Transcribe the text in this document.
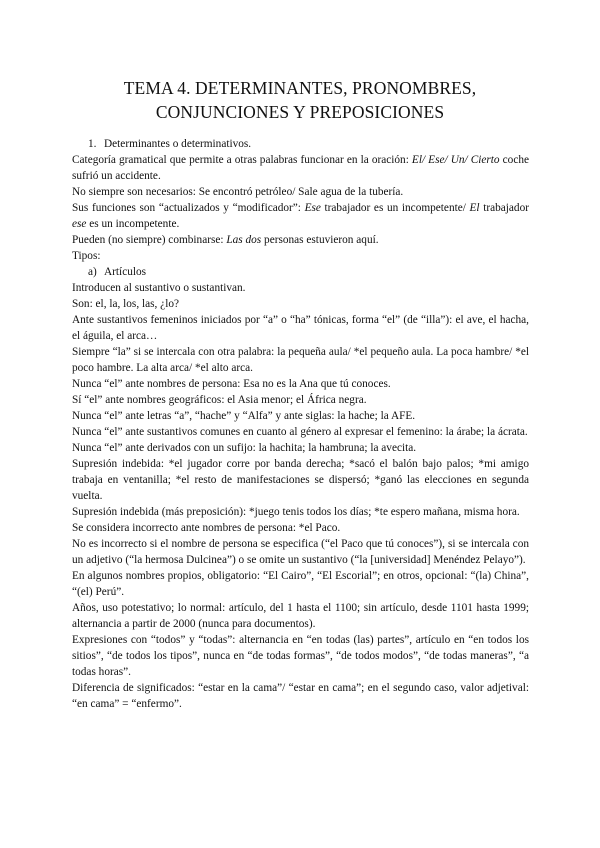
TEMA 4. DETERMINANTES, PRONOMBRES,
CONJUNCIONES Y PREPOSICIONES

1. Determinantes o determinativos.

Categoría gramatical que permite a otras palabras funcionar en la oración: El/ Ese/ Un/ Cierto coche sufrió un accidente.

No siempre son necesarios: Se encontró petróleo/ Sale agua de la tubería.

Sus funciones son “actualizados y “modificador”: Ese trabajador es un incompetente/ El trabajador ese es un incompetente.

Pueden (no siempre) combinarse: Las dos personas estuvieron aquí.

Tipos:

a) Artículos

Introducen al sustantivo o sustantivan.

Son: el, la, los, las, ¿lo?

Ante sustantivos femeninos iniciados por “a” o “ha” tónicas, forma “el” (de “illa”): el ave, el hacha, el águila, el arca…

Siempre “la” si se intercala con otra palabra: la pequeña aula/ *el pequeño aula. La poca hambre/ *el poco hambre. La alta arca/ *el alto arca.

Nunca “el” ante nombres de persona: Esa no es la Ana que tú conoces.

Sí “el” ante nombres geográficos: el Asia menor; el África negra.

Nunca “el” ante letras “a”, “hache” y “Alfa” y ante siglas: la hache; la AFE.

Nunca “el” ante sustantivos comunes en cuanto al género al expresar el femenino: la árabe; la ácrata.

Nunca “el” ante derivados con un sufijo: la hachita; la hambruna; la avecita.

Supresión indebida: *el jugador corre por banda derecha; *sacó el balón bajo palos; *mi amigo trabaja en ventanilla; *el resto de manifestaciones se dispersó; *ganó las elecciones en segunda vuelta.

Supresión indebida (más preposición): *juego tenis todos los días; *te espero mañana, misma hora.

Se considera incorrecto ante nombres de persona: *el Paco.

No es incorrecto si el nombre de persona se especifica (“el Paco que tú conoces”), si se intercala con un adjetivo (“la hermosa Dulcinea”) o se omite un sustantivo (“la [universidad] Menéndez Pelayo”).

En algunos nombres propios, obligatorio: “El Cairo”, “El Escorial”; en otros, opcional: “(la) China”, “(el) Perú”.

Años, uso potestativo; lo normal: artículo, del 1 hasta el 1100; sin artículo, desde 1101 hasta 1999; alternancia a partir de 2000 (nunca para documentos).

Expresiones con “todos” y “todas”: alternancia en “en todas (las) partes”, artículo en “en todos los sitios”, “de todos los tipos”, nunca en “de todas formas”, “de todos modos”, “de todas maneras”, “a todas horas”.

Diferencia de significados: “estar en la cama”/ “estar en cama”; en el segundo caso, valor adjetival: “en cama” = “enfermo”.
